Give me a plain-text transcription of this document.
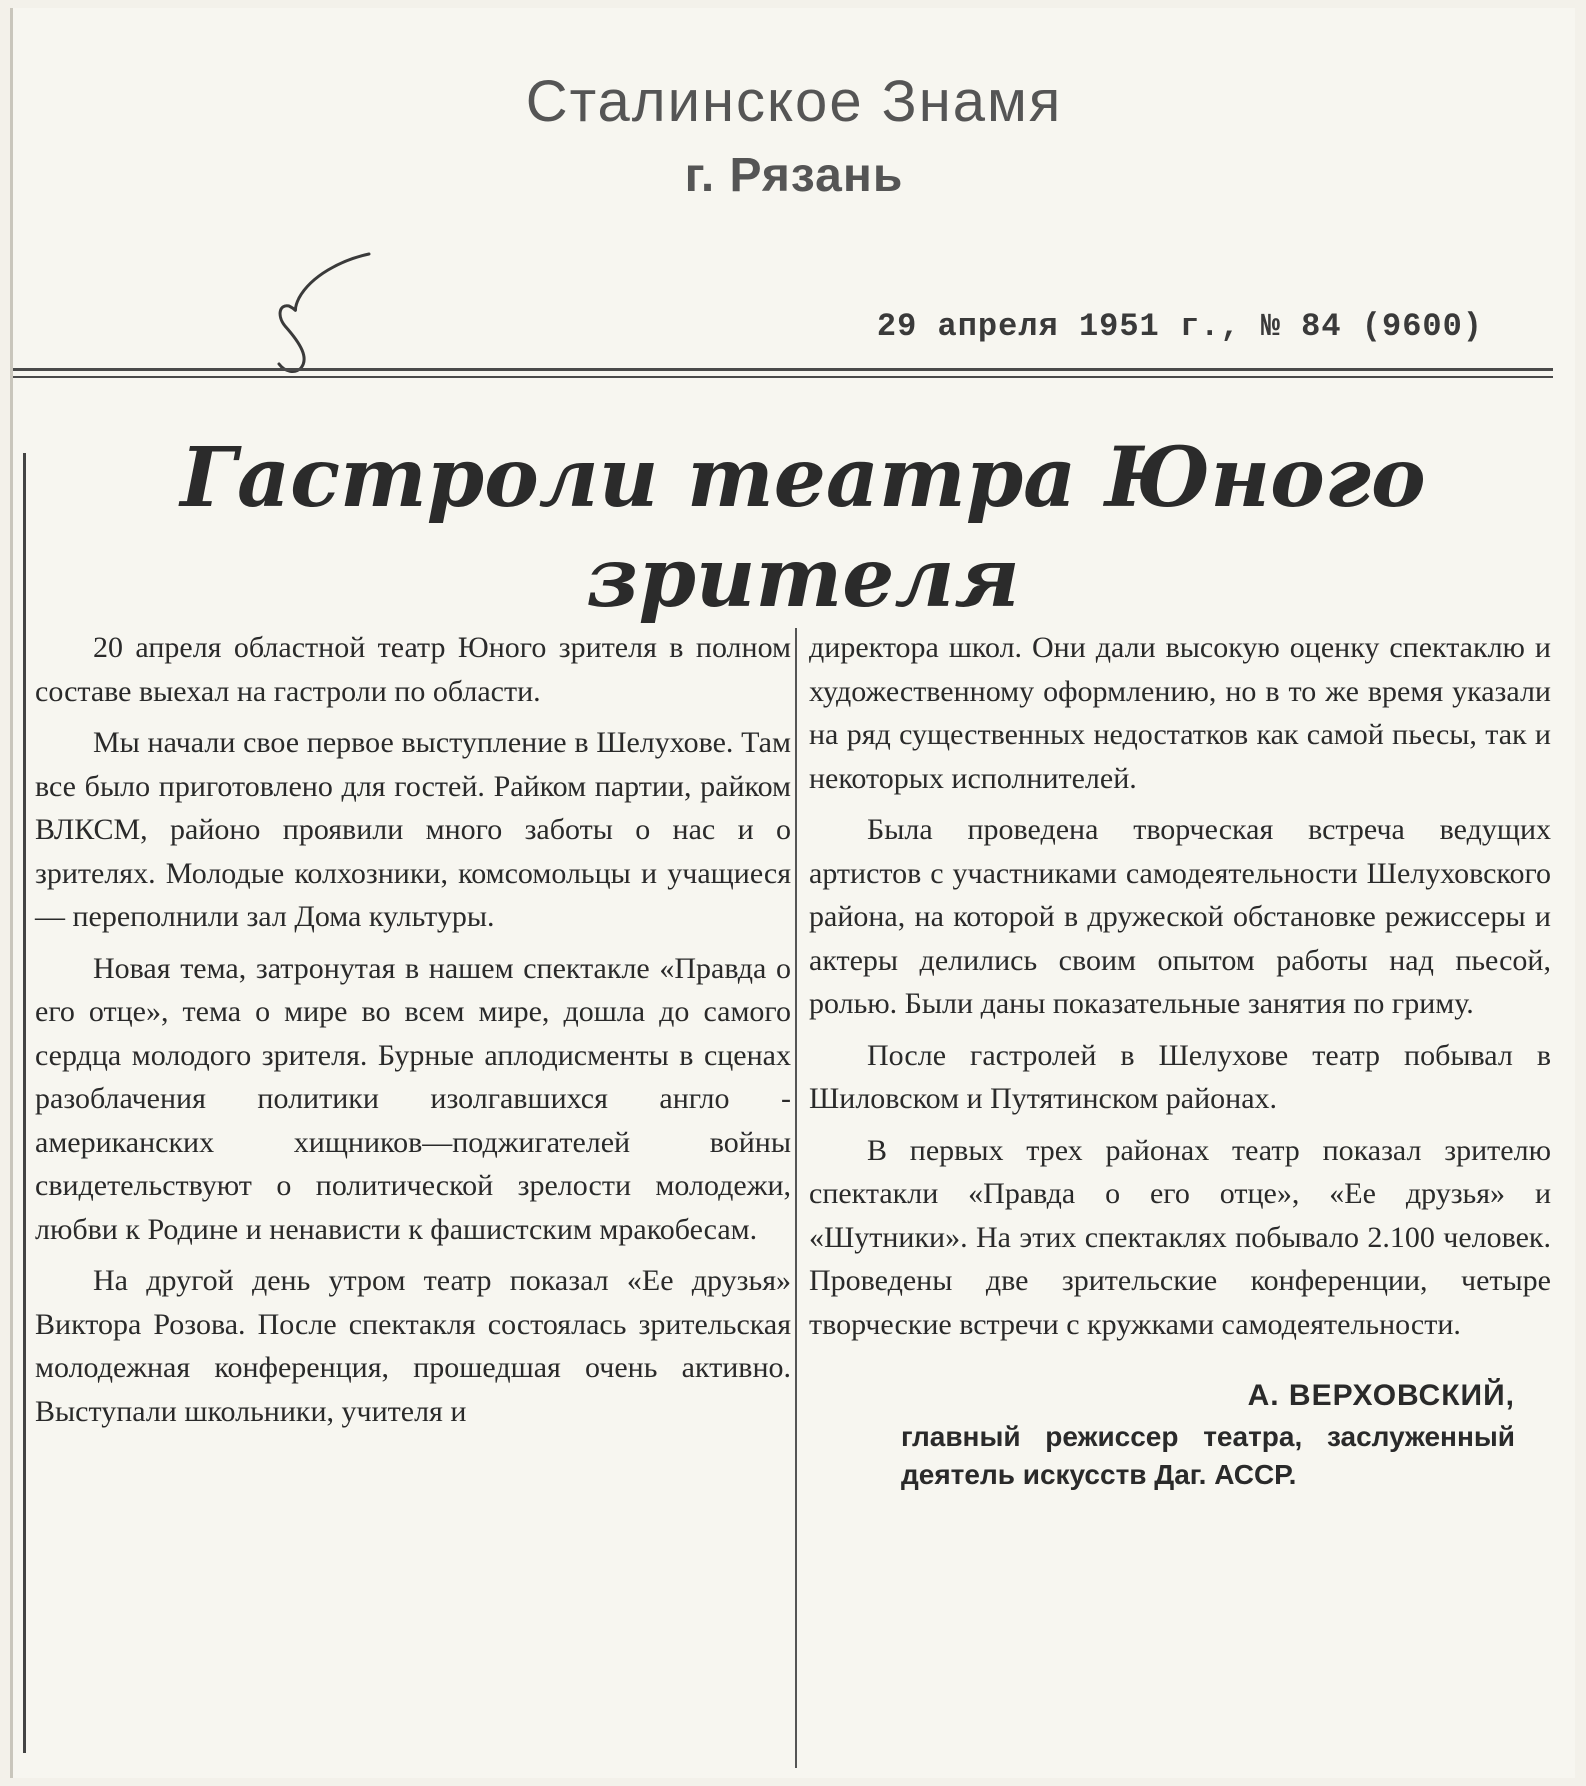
Сталинское Знамя
г. Рязань
29 апреля 1951 г., № 84 (9600)
Гастроли театра Юного зрителя

20 апреля областной театр Юного зрителя в полном составе выехал на гастроли по области.

Мы начали свое первое выступление в Шелухове. Там все было приготовлено для гостей. Райком партии, райком ВЛКСМ, районо проявили много заботы о нас и о зрителях. Молодые колхозники, комсомольцы и учащиеся — переполнили зал Дома культуры.

Новая тема, затронутая в нашем спектакле «Правда о его отце», тема о мире во всем мире, дошла до самого сердца молодого зрителя. Бурные аплодисменты в сценах разоблачения политики изолгавшихся англо - американских хищников—поджигателей войны свидетельствуют о политической зрелости молодежи, любви к Родине и ненависти к фашистским мракобесам.

На другой день утром театр показал «Ее друзья» Виктора Розова. После спектакля состоялась зрительская молодежная конференция, прошедшая очень активно. Выступали школьники, учителя и

директора школ. Они дали высокую оценку спектаклю и художественному оформлению, но в то же время указали на ряд существенных недостатков как самой пьесы, так и некоторых исполнителей.

Была проведена творческая встреча ведущих артистов с участниками самодеятельности Шелуховского района, на которой в дружеской обстановке режиссеры и актеры делились своим опытом работы над пьесой, ролью. Были даны показательные занятия по гриму.

После гастролей в Шелухове театр побывал в Шиловском и Путятинском районах.

В первых трех районах театр показал зрителю спектакли «Правда о его отце», «Ее друзья» и «Шутники». На этих спектаклях побывало 2.100 человек. Проведены две зрительские конференции, четыре творческие встречи с кружками самодеятельности.

А. ВЕРХОВСКИЙ,
главный режиссер театра, заслуженный деятель искусств Даг. АССР.
